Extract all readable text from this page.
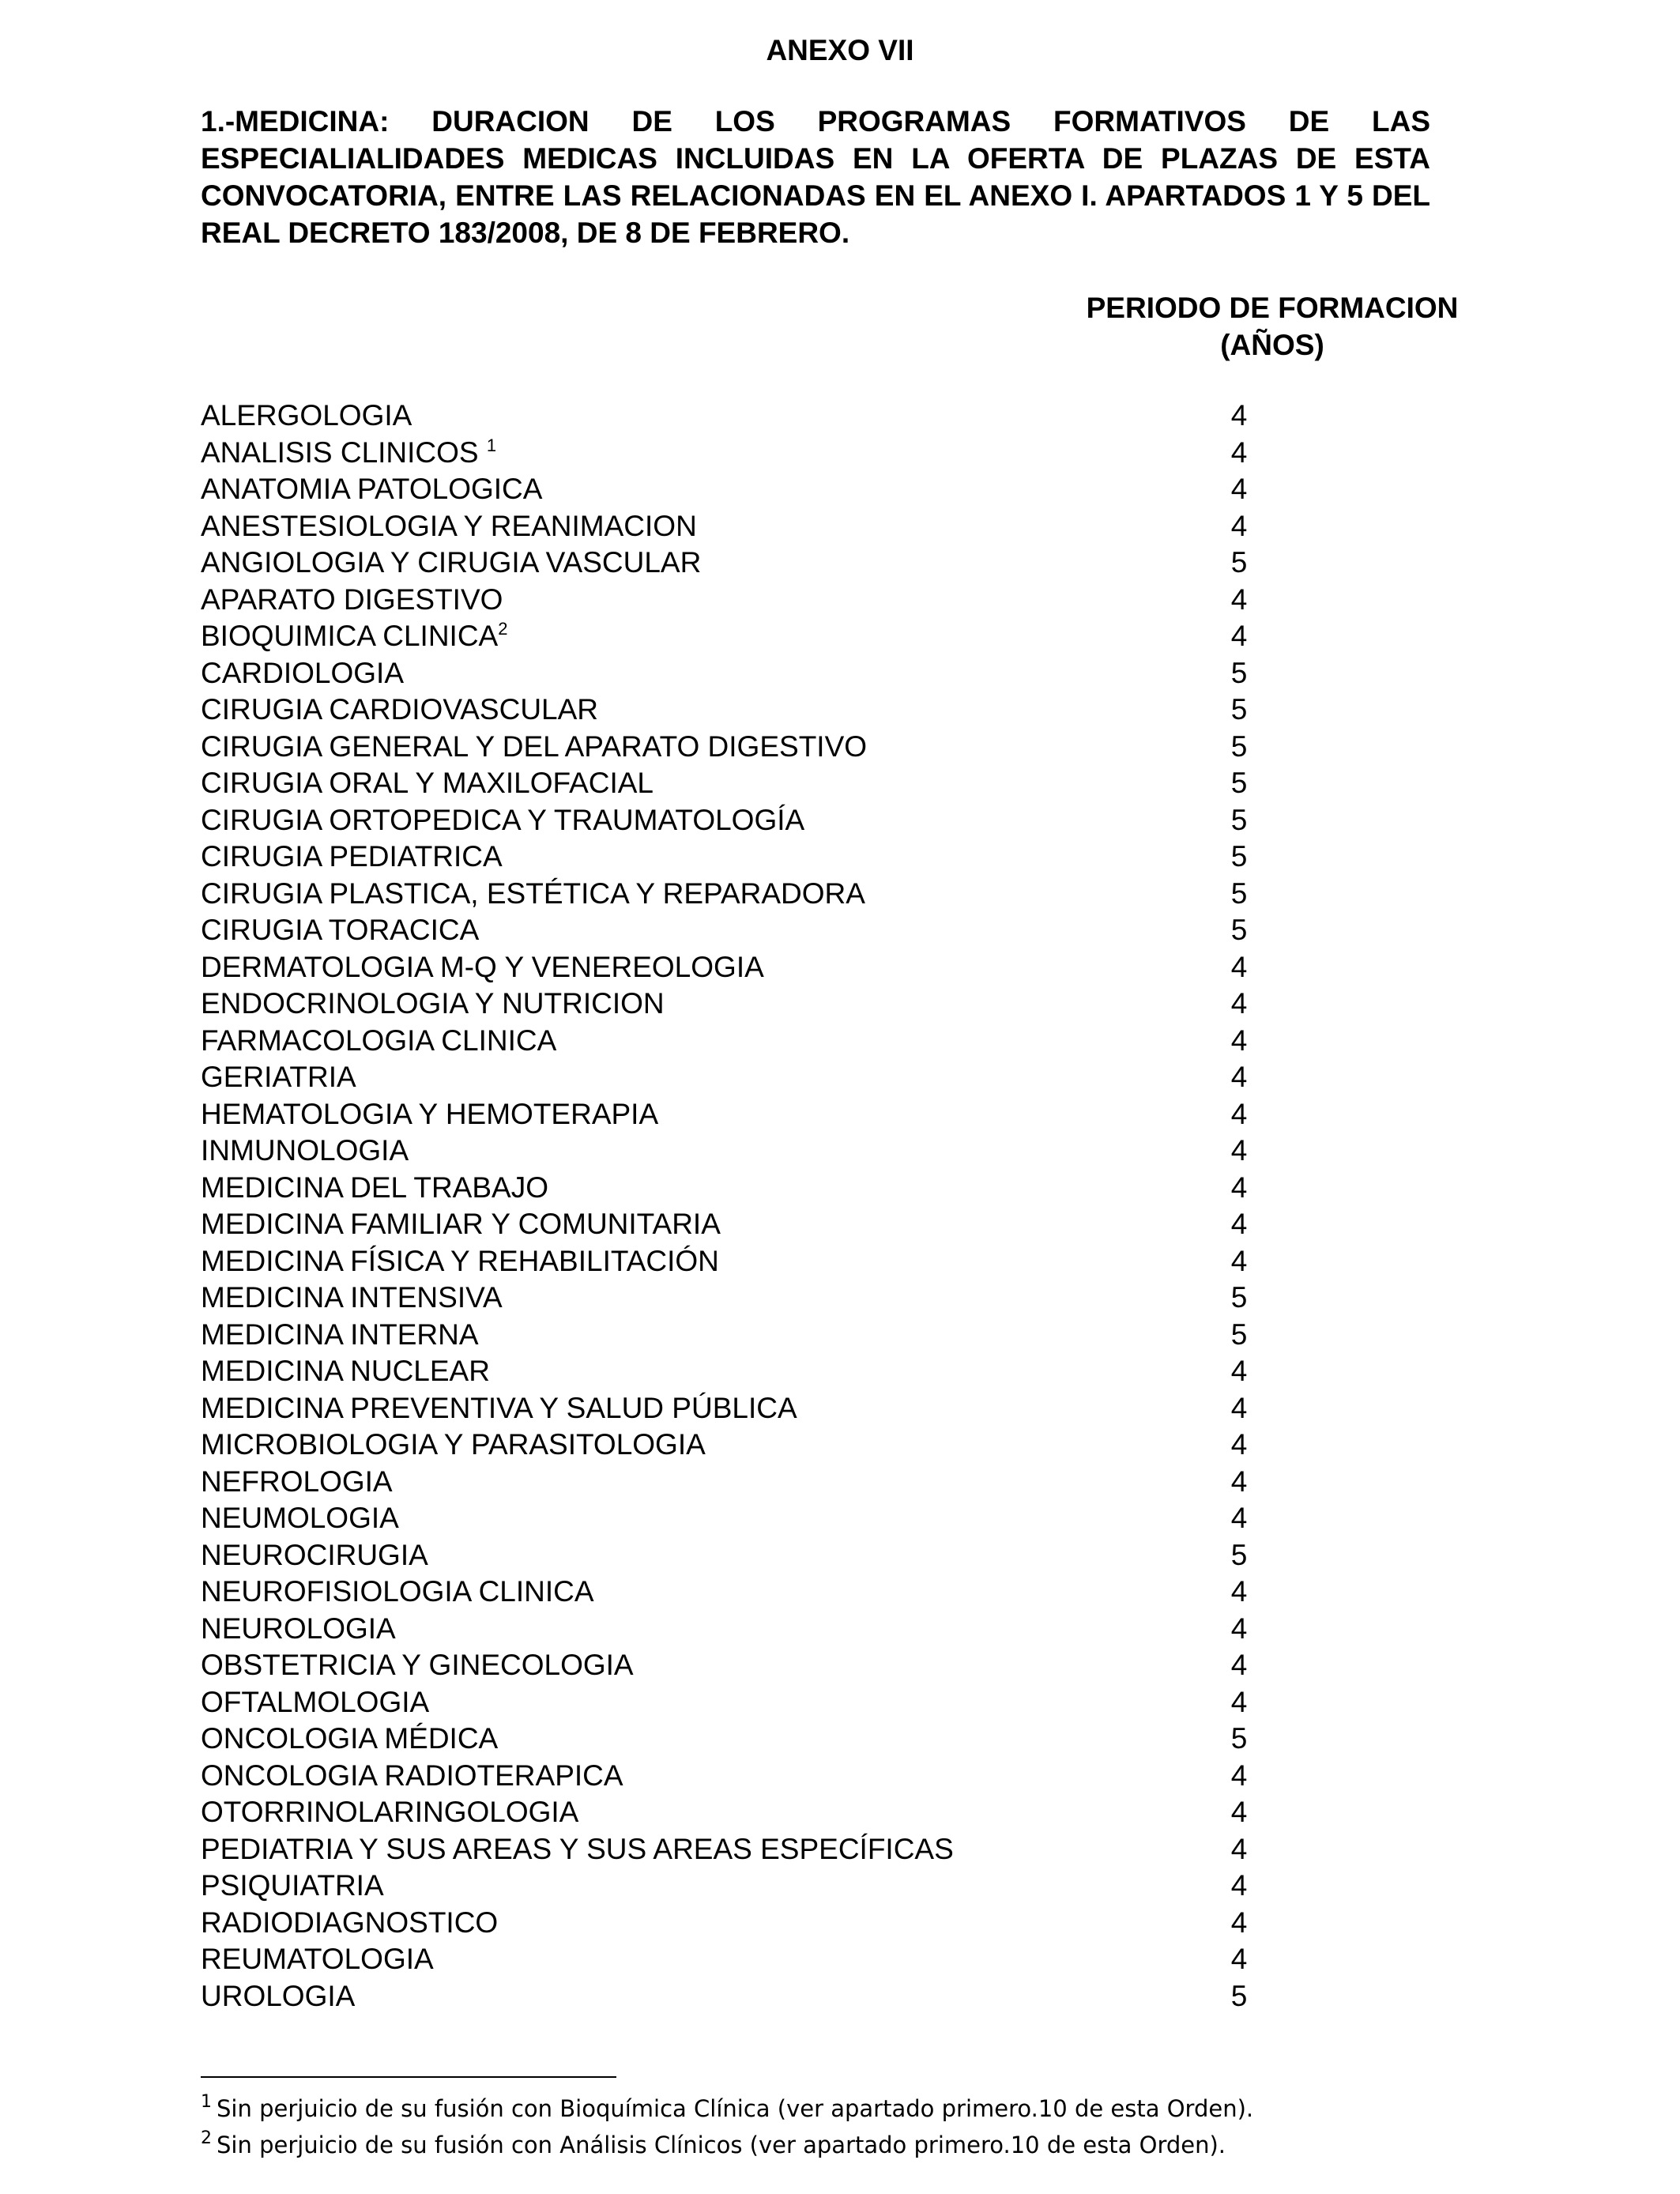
ANEXO VII
1.-MEDICINA: DURACION DE LOS PROGRAMAS FORMATIVOS DE LAS ESPECIALIALIDADES MEDICAS INCLUIDAS EN LA OFERTA DE PLAZAS DE ESTA CONVOCATORIA, ENTRE LAS RELACIONADAS EN EL ANEXO I. APARTADOS 1 Y 5 DEL REAL DECRETO 183/2008, DE 8 DE FEBRERO.
PERIODO DE FORMACION
(AÑOS)
ALERGOLOGIA	4
ANALISIS CLINICOS $^1$	4
ANATOMIA PATOLOGICA	4
ANESTESIOLOGIA Y REANIMACION	4
ANGIOLOGIA Y CIRUGIA VASCULAR	5
APARATO DIGESTIVO	4
BIOQUIMICA CLINICA$^2$	4
CARDIOLOGIA	5
CIRUGIA CARDIOVASCULAR	5
CIRUGIA GENERAL Y DEL APARATO DIGESTIVO	5
CIRUGIA ORAL Y MAXILOFACIAL	5
CIRUGIA ORTOPEDICA Y TRAUMATOLOGÍA	5
CIRUGIA PEDIATRICA	5
CIRUGIA PLASTICA, ESTÉTICA Y REPARADORA	5
CIRUGIA TORACICA	5
DERMATOLOGIA M-Q Y VENEREOLOGIA	4
ENDOCRINOLOGIA Y NUTRICION	4
FARMACOLOGIA CLINICA	4
GERIATRIA	4
HEMATOLOGIA Y HEMOTERAPIA	4
INMUNOLOGIA	4
MEDICINA DEL TRABAJO	4
MEDICINA FAMILIAR Y COMUNITARIA	4
MEDICINA FÍSICA Y REHABILITACIÓN	4
MEDICINA INTENSIVA	5
MEDICINA INTERNA	5
MEDICINA NUCLEAR	4
MEDICINA PREVENTIVA Y SALUD PÚBLICA	4
MICROBIOLOGIA Y PARASITOLOGIA	4
NEFROLOGIA	4
NEUMOLOGIA	4
NEUROCIRUGIA	5
NEUROFISIOLOGIA CLINICA	4
NEUROLOGIA	4
OBSTETRICIA Y GINECOLOGIA	4
OFTALMOLOGIA	4
ONCOLOGIA MÉDICA	5
ONCOLOGIA RADIOTERAPICA	4
OTORRINOLARINGOLOGIA	4
PEDIATRIA Y SUS AREAS Y SUS AREAS ESPECÍFICAS	4
PSIQUIATRIA	4
RADIODIAGNOSTICO	4
REUMATOLOGIA	4
UROLOGIA	5
$^1$ Sin perjuicio de su fusión con Bioquímica Clínica (ver apartado primero.10 de esta Orden).
$^2$ Sin perjuicio de su fusión con Análisis Clínicos (ver apartado primero.10 de esta Orden).
